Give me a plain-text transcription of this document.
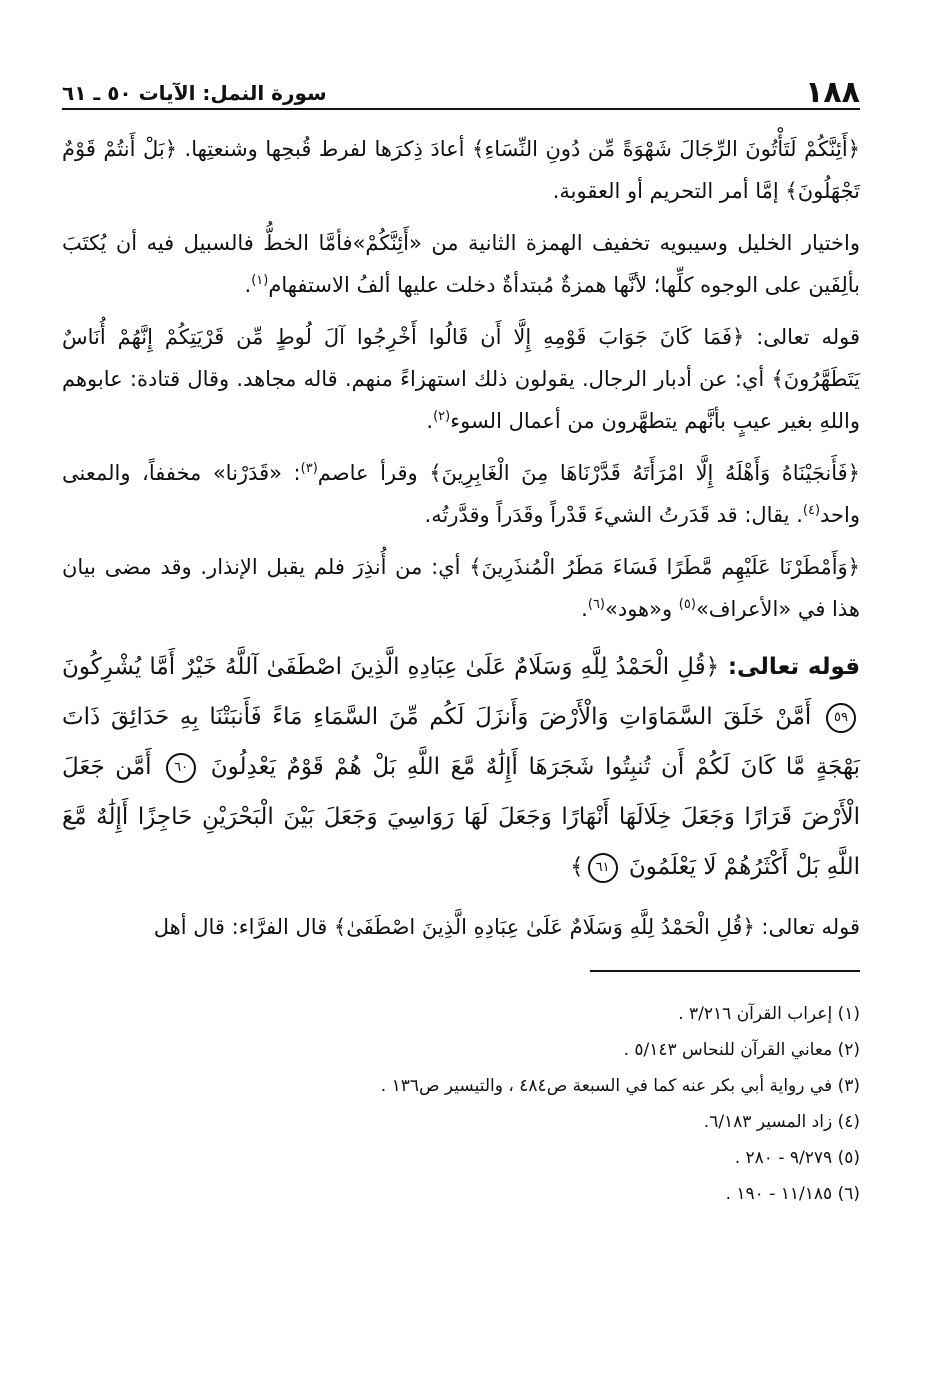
١٨٨
سورة النمل: الآيات ٥٠ ـ ٦١

﴿أَئِنَّكُمْ لَتَأْتُونَ الرِّجَالَ شَهْوَةً مِّن دُونِ النِّسَاءِ﴾ أعادَ ذِكرَها لفرط قُبحِها وشنعتِها. ﴿بَلْ أَنتُمْ قَوْمٌ تَجْهَلُونَ﴾ إمَّا أمر التحريم أو العقوبة.

واختيار الخليل وسيبويه تخفيف الهمزة الثانية من «أَئِنَّكُمْ»فأمَّا الخطُّ فالسبيل فيه أن يُكتَبَ بألِفَين على الوجوه كلِّها؛ لأنَّها همزةٌ مُبتدأةٌ دخلت عليها ألفُ الاستفهام$^{(١)}$.

قوله تعالى: ﴿فَمَا كَانَ جَوَابَ قَوْمِهِ إِلَّا أَن قَالُوا أَخْرِجُوا آلَ لُوطٍ مِّن قَرْيَتِكُمْ إِنَّهُمْ أُنَاسٌ يَتَطَهَّرُونَ﴾ أي: عن أدبار الرجال. يقولون ذلك استهزاءً منهم. قاله مجاهد. وقال قتادة: عابوهم واللهِ بغير عيبٍ بأنَّهم يتطهَّرون من أعمال السوء$^{(٢)}$.

﴿فَأَنجَيْنَاهُ وَأَهْلَهُ إِلَّا امْرَأَتَهُ قَدَّرْنَاهَا مِنَ الْغَابِرِينَ﴾ وقرأ عاصم$^{(٣)}$: «قَدَرْنا» مخففاً، والمعنى واحد$^{(٤)}$. يقال: قد قَدَرتُ الشيءَ قَدْراً وقَدَراً وقدَّرتُه.

﴿وَأَمْطَرْنَا عَلَيْهِم مَّطَرًا فَسَاءَ مَطَرُ الْمُنذَرِينَ﴾ أي: من أُنذِرَ فلم يقبل الإنذار. وقد مضى بيان هذا في «الأعراف»$^{(٥)}$ و«هود»$^{(٦)}$.

قوله تعالى: ﴿قُلِ الْحَمْدُ لِلَّهِ وَسَلَامٌ عَلَىٰ عِبَادِهِ الَّذِينَ اصْطَفَىٰ آللَّهُ خَيْرٌ أَمَّا يُشْرِكُونَ ٥٩ أَمَّنْ خَلَقَ السَّمَاوَاتِ وَالْأَرْضَ وَأَنزَلَ لَكُم مِّنَ السَّمَاءِ مَاءً فَأَنبَتْنَا بِهِ حَدَائِقَ ذَاتَ بَهْجَةٍ مَّا كَانَ لَكُمْ أَن تُنبِتُوا شَجَرَهَا أَإِلَٰهٌ مَّعَ اللَّهِ بَلْ هُمْ قَوْمٌ يَعْدِلُونَ ٦٠ أَمَّن جَعَلَ الْأَرْضَ قَرَارًا وَجَعَلَ خِلَالَهَا أَنْهَارًا وَجَعَلَ لَهَا رَوَاسِيَ وَجَعَلَ بَيْنَ الْبَحْرَيْنِ حَاجِزًا أَإِلَٰهٌ مَّعَ اللَّهِ بَلْ أَكْثَرُهُمْ لَا يَعْلَمُونَ ٦١﴾

قوله تعالى: ﴿قُلِ الْحَمْدُ لِلَّهِ وَسَلَامٌ عَلَىٰ عِبَادِهِ الَّذِينَ اصْطَفَىٰ﴾ قال الفرَّاء: قال أهل

(١) إعراب القرآن ٣/٢١٦ .
(٢) معاني القرآن للنحاس ٥/١٤٣ .
(٣) في رواية أبي بكر عنه كما في السبعة ص٤٨٤ ، والتيسير ص١٣٦ .
(٤) زاد المسير ٦/١٨٣.
(٥) ٩/٢٧٩ - ٢٨٠ .
(٦) ١١/١٨٥ - ١٩٠ .
